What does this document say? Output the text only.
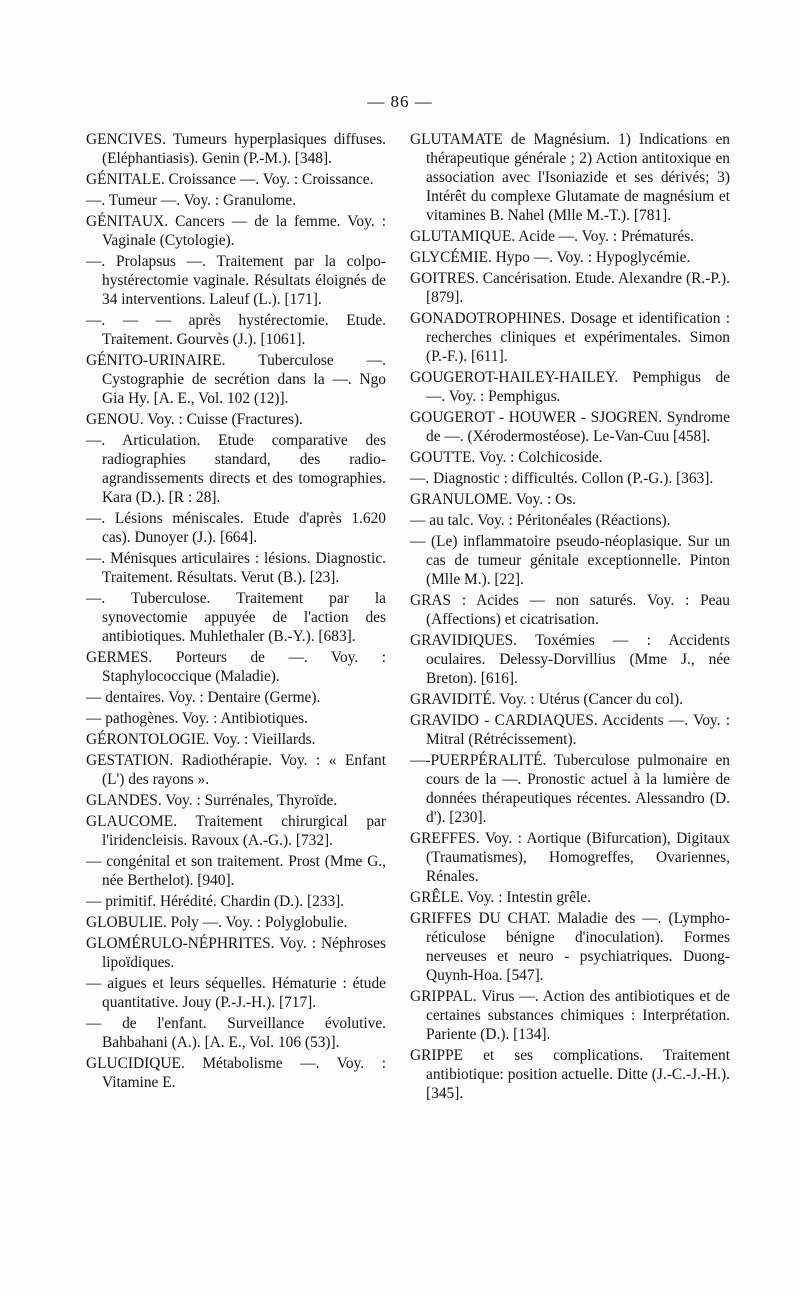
— 86 —

GENCIVES. Tumeurs hyperplasiques diffuses. (Eléphantiasis). Genin (P.-M.). [348].

GÉNITALE. Croissance —. Voy. : Croissance.

—. Tumeur —. Voy. : Granulome.

GÉNITAUX. Cancers — de la femme. Voy. : Vaginale (Cytologie).

—. Prolapsus —. Traitement par la colpo-hystérectomie vaginale. Résultats éloignés de 34 interventions. Laleuf (L.). [171].

—. — — après hystérectomie. Etude. Traitement. Gourvès (J.). [1061].

GÉNITO-URINAIRE. Tuberculose —. Cystographie de secrétion dans la —. Ngo Gia Hy. [A. E., Vol. 102 (12)].

GENOU. Voy. : Cuisse (Fractures).

—. Articulation. Etude comparative des radiographies standard, des radio-agrandissements directs et des tomographies. Kara (D.). [R : 28].

—. Lésions méniscales. Etude d'après 1.620 cas). Dunoyer (J.). [664].

—. Ménisques articulaires : lésions. Diagnostic. Traitement. Résultats. Verut (B.). [23].

—. Tuberculose. Traitement par la synovectomie appuyée de l'action des antibiotiques. Muhlethaler (B.-Y.). [683].

GERMES. Porteurs de —. Voy. : Staphylococcique (Maladie).

— dentaires. Voy. : Dentaire (Germe).

— pathogènes. Voy. : Antibiotiques.

GÉRONTOLOGIE. Voy. : Vieillards.

GESTATION. Radiothérapie. Voy. : « Enfant (L') des rayons ».

GLANDES. Voy. : Surrénales, Thyroïde.

GLAUCOME. Traitement chirurgical par l'iridencleisis. Ravoux (A.-G.). [732].

— congénital et son traitement. Prost (Mme G., née Berthelot). [940].

— primitif. Hérédité. Chardin (D.). [233].

GLOBULIE. Poly —. Voy. : Polyglobulie.

GLOMÉRULO-NÉPHRITES. Voy. : Néphroses lipoïdiques.

— aigues et leurs séquelles. Hématurie : étude quantitative. Jouy (P.-J.-H.). [717].

— de l'enfant. Surveillance évolutive. Bahbahani (A.). [A. E., Vol. 106 (53)].

GLUCIDIQUE. Métabolisme —. Voy. : Vitamine E.

GLUTAMATE de Magnésium. 1) Indications en thérapeutique générale ; 2) Action antitoxique en association avec l'Isoniazide et ses dérivés; 3) Intérêt du complexe Glutamate de magnésium et vitamines B. Nahel (Mlle M.-T.). [781].

GLUTAMIQUE. Acide —. Voy. : Prématurés.

GLYCÉMIE. Hypo —. Voy. : Hypoglycémie.

GOITRES. Cancérisation. Etude. Alexandre (R.-P.). [879].

GONADOTROPHINES. Dosage et identification : recherches cliniques et expérimentales. Simon (P.-F.). [611].

GOUGEROT-HAILEY-HAILEY. Pemphigus de —. Voy. : Pemphigus.

GOUGEROT - HOUWER - SJOGREN. Syndrome de —. (Xérodermostéose). Le-Van-Cuu [458].

GOUTTE. Voy. : Colchicoside.

—. Diagnostic : difficultés. Collon (P.-G.). [363].

GRANULOME. Voy. : Os.

— au talc. Voy. : Péritonéales (Réactions).

— (Le) inflammatoire pseudo-néoplasique. Sur un cas de tumeur génitale exceptionnelle. Pinton (Mlle M.). [22].

GRAS : Acides — non saturés. Voy. : Peau (Affections) et cicatrisation.

GRAVIDIQUES. Toxémies — : Accidents oculaires. Delessy-Dorvillius (Mme J., née Breton). [616].

GRAVIDITÉ. Voy. : Utérus (Cancer du col).

GRAVIDO - CARDIAQUES. Accidents —. Voy. : Mitral (Rétrécissement).

—-PUERPÉRALITÉ. Tuberculose pulmonaire en cours de la —. Pronostic actuel à la lumière de données thérapeutiques récentes. Alessandro (D. d'). [230].

GREFFES. Voy. : Aortique (Bifurcation), Digitaux (Traumatismes), Homogreffes, Ovariennes, Rénales.

GRÊLE. Voy. : Intestin grêle.

GRIFFES DU CHAT. Maladie des —. (Lympho-réticulose bénigne d'inoculation). Formes nerveuses et neuro - psychiatriques. Duong-Quynh-Hoa. [547].

GRIPPAL. Virus —. Action des antibiotiques et de certaines substances chimiques : Interprétation. Pariente (D.). [134].

GRIPPE et ses complications. Traitement antibiotique: position actuelle. Ditte (J.-C.-J.-H.). [345].
